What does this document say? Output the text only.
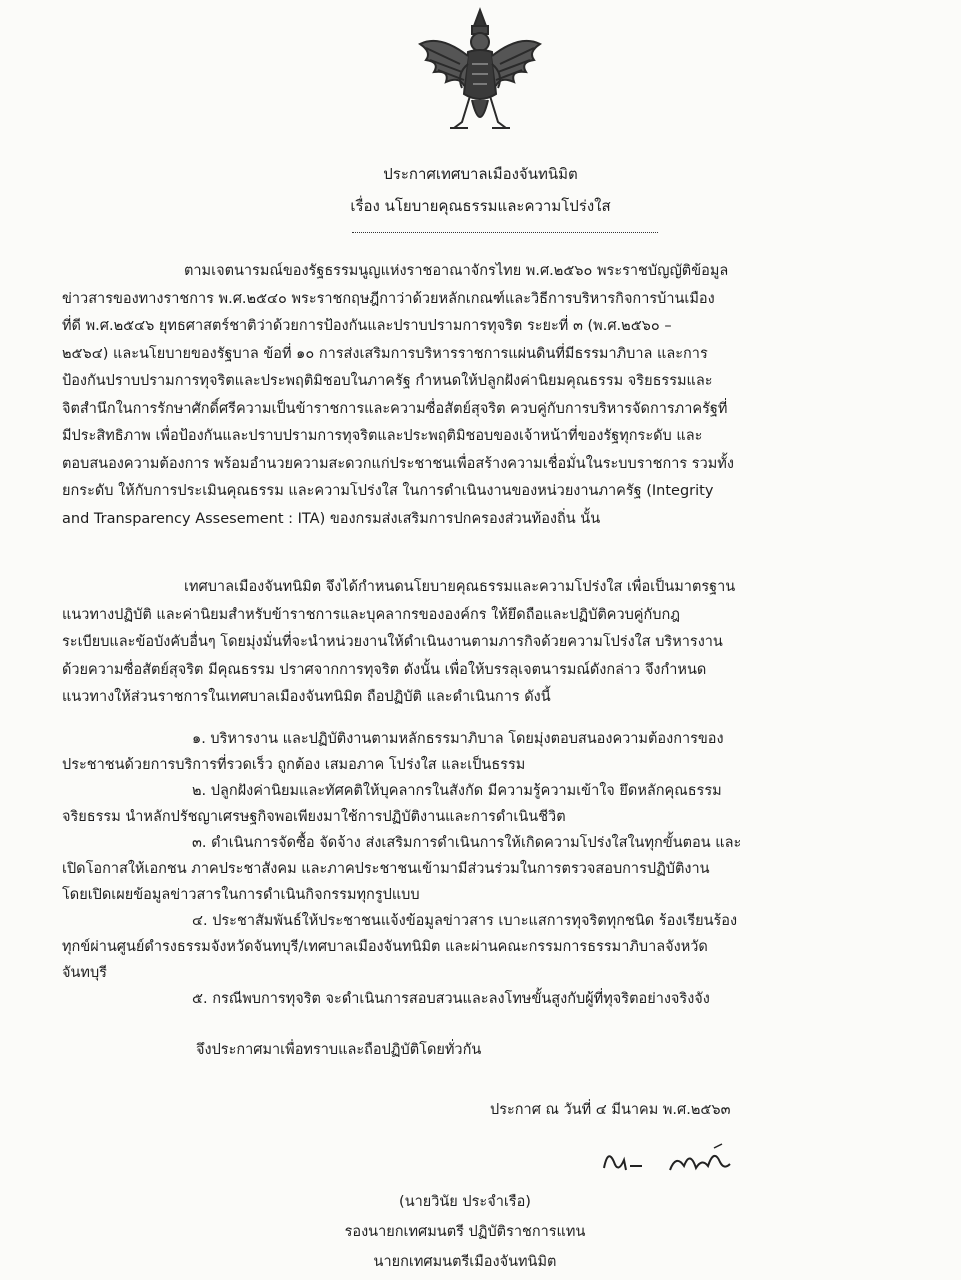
ประกาศเทศบาลเมืองจันทนิมิต
เรื่อง นโยบายคุณธรรมและความโปร่งใส

ตามเจตนารมณ์ของรัฐธรรมนูญแห่งราชอาณาจักรไทย พ.ศ.๒๕๖๐ พระราชบัญญัติข้อมูล
ข่าวสารของทางราชการ พ.ศ.๒๕๔๐ พระราชกฤษฎีกาว่าด้วยหลักเกณฑ์และวิธีการบริหารกิจการบ้านเมือง
ที่ดี พ.ศ.๒๕๔๖ ยุทธศาสตร์ชาติว่าด้วยการป้องกันและปราบปรามการทุจริต ระยะที่ ๓ (พ.ศ.๒๕๖๐ –
๒๕๖๔) และนโยบายของรัฐบาล ข้อที่ ๑๐ การส่งเสริมการบริหารราชการแผ่นดินที่มีธรรมาภิบาล และการ
ป้องกันปราบปรามการทุจริตและประพฤติมิชอบในภาครัฐ กำหนดให้ปลูกฝังค่านิยมคุณธรรม จริยธรรมและ
จิตสำนึกในการรักษาศักดิ์ศรีความเป็นข้าราชการและความซื่อสัตย์สุจริต ควบคู่กับการบริหารจัดการภาครัฐที่
มีประสิทธิภาพ เพื่อป้องกันและปราบปรามการทุจริตและประพฤติมิชอบของเจ้าหน้าที่ของรัฐทุกระดับ และ
ตอบสนองความต้องการ พร้อมอำนวยความสะดวกแก่ประชาชนเพื่อสร้างความเชื่อมั่นในระบบราชการ รวมทั้ง
ยกระดับ ให้กับการประเมินคุณธรรม และความโปร่งใส ในการดำเนินงานของหน่วยงานภาครัฐ (Integrity
and Transparency Assesement : ITA) ของกรมส่งเสริมการปกครองส่วนท้องถิ่น นั้น

เทศบาลเมืองจันทนิมิต จึงได้กำหนดนโยบายคุณธรรมและความโปร่งใส เพื่อเป็นมาตรฐาน
แนวทางปฏิบัติ และค่านิยมสำหรับข้าราชการและบุคลากรขององค์กร ให้ยึดถือและปฏิบัติควบคู่กับกฎ
ระเบียบและข้อบังคับอื่นๆ โดยมุ่งมั่นที่จะนำหน่วยงานให้ดำเนินงานตามภารกิจด้วยความโปร่งใส บริหารงาน
ด้วยความซื่อสัตย์สุจริต มีคุณธรรม ปราศจากการทุจริต ดังนั้น เพื่อให้บรรลุเจตนารมณ์ดังกล่าว จึงกำหนด
แนวทางให้ส่วนราชการในเทศบาลเมืองจันทนิมิต ถือปฏิบัติ และดำเนินการ ดังนี้

๑. บริหารงาน และปฏิบัติงานตามหลักธรรมาภิบาล โดยมุ่งตอบสนองความต้องการของ
ประชาชนด้วยการบริการที่รวดเร็ว ถูกต้อง เสมอภาค โปร่งใส และเป็นธรรม
๒. ปลูกฝังค่านิยมและทัศคติให้บุคลากรในสังกัด มีความรู้ความเข้าใจ ยึดหลักคุณธรรม
จริยธรรม นำหลักปรัชญาเศรษฐกิจพอเพียงมาใช้การปฏิบัติงานและการดำเนินชีวิต
๓. ดำเนินการจัดซื้อ จัดจ้าง ส่งเสริมการดำเนินการให้เกิดความโปร่งใสในทุกขั้นตอน และ
เปิดโอกาสให้เอกชน ภาคประชาสังคม และภาคประชาชนเข้ามามีส่วนร่วมในการตรวจสอบการปฏิบัติงาน
โดยเปิดเผยข้อมูลข่าวสารในการดำเนินกิจกรรมทุกรูปแบบ
๔. ประชาสัมพันธ์ให้ประชาชนแจ้งข้อมูลข่าวสาร เบาะแสการทุจริตทุกชนิด ร้องเรียนร้อง
ทุกข์ผ่านศูนย์ดำรงธรรมจังหวัดจันทบุรี/เทศบาลเมืองจันทนิมิต และผ่านคณะกรรมการธรรมาภิบาลจังหวัด
จันทบุรี
๕. กรณีพบการทุจริต จะดำเนินการสอบสวนและลงโทษขั้นสูงกับผู้ที่ทุจริตอย่างจริงจัง
จึงประกาศมาเพื่อทราบและถือปฏิบัติโดยทั่วกัน
ประกาศ ณ วันที่ ๔ มีนาคม พ.ศ.๒๕๖๓
(นายวินัย ประจำเรือ)
รองนายกเทศมนตรี ปฏิบัติราชการแทน
นายกเทศมนตรีเมืองจันทนิมิต
